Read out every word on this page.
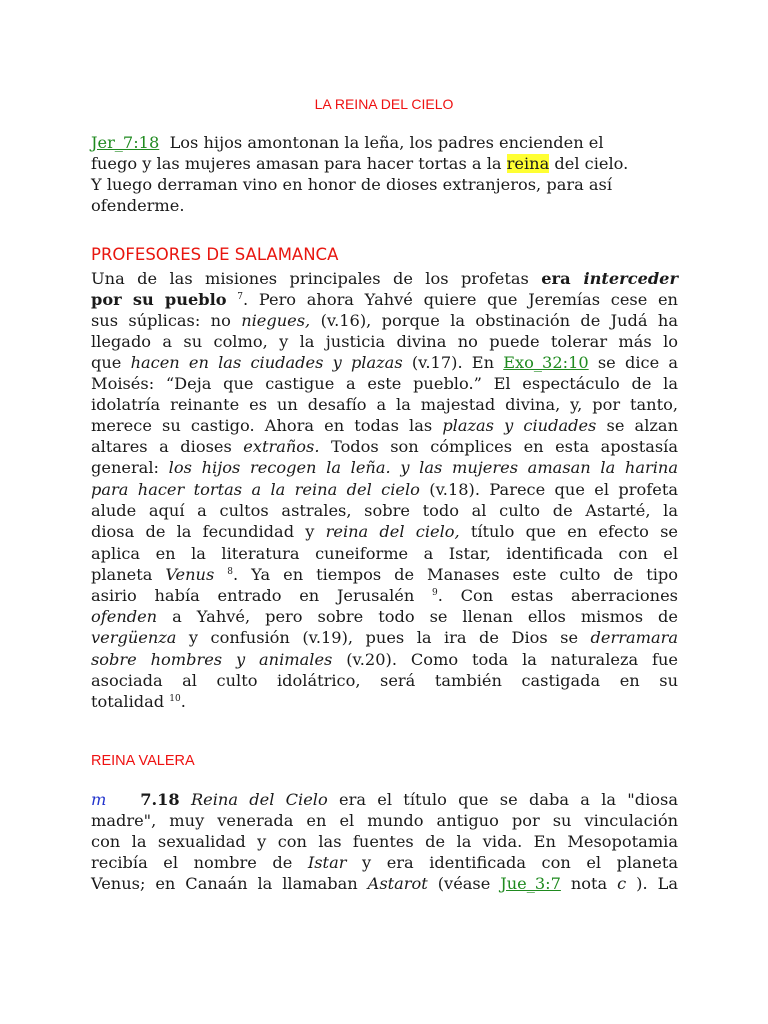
LA REINA DEL CIELO
Jer_7:18 Los hijos amontonan la leña, los padres encienden el
fuego y las mujeres amasan para hacer tortas a la reina del cielo.
Y luego derraman vino en honor de dioses extranjeros, para así
ofenderme.
PROFESORES DE SALAMANCA
Una de las misiones principales de los profetas era interceder
por su pueblo $^7$. Pero ahora Yahvé quiere que Jeremías cese en
sus súplicas: no niegues, (v.16), porque la obstinación de Judá ha
llegado a su colmo, y la justicia divina no puede tolerar más lo
que hacen en las ciudades y plazas (v.17). En Exo_32:10 se dice a
Moisés: “Deja que castigue a este pueblo.” El espectáculo de la
idolatría reinante es un desafío a la majestad divina, y, por tanto,
merece su castigo. Ahora en todas las plazas y ciudades se alzan
altares a dioses extraños. Todos son cómplices en esta apostasía
general: los hijos recogen la leña. y las mujeres amasan la harina
para hacer tortas a la reina del cielo (v.18). Parece que el profeta
alude aquí a cultos astrales, sobre todo al culto de Astarté, la
diosa de la fecundidad y reina del cielo, título que en efecto se
aplica en la literatura cuneiforme a Istar, identificada con el
planeta Venus $^8$. Ya en tiempos de Manases este culto de tipo
asirio había entrado en Jerusalén $^9$. Con estas aberraciones
ofenden a Yahvé, pero sobre todo se llenan ellos mismos de
vergüenza y confusión (v.19), pues la ira de Dios se derramara
sobre hombres y animales (v.20). Como toda la naturaleza fue
asociada al culto idolátrico, será también castigada en su
totalidad $^{10}$.
REINA VALERA
m 7.18 Reina del Cielo era el título que se daba a la "diosa
madre", muy venerada en el mundo antiguo por su vinculación
con la sexualidad y con las fuentes de la vida. En Mesopotamia
recibía el nombre de Istar y era identificada con el planeta
Venus; en Canaán la llamaban Astarot (véase Jue_3:7 nota c ). La
